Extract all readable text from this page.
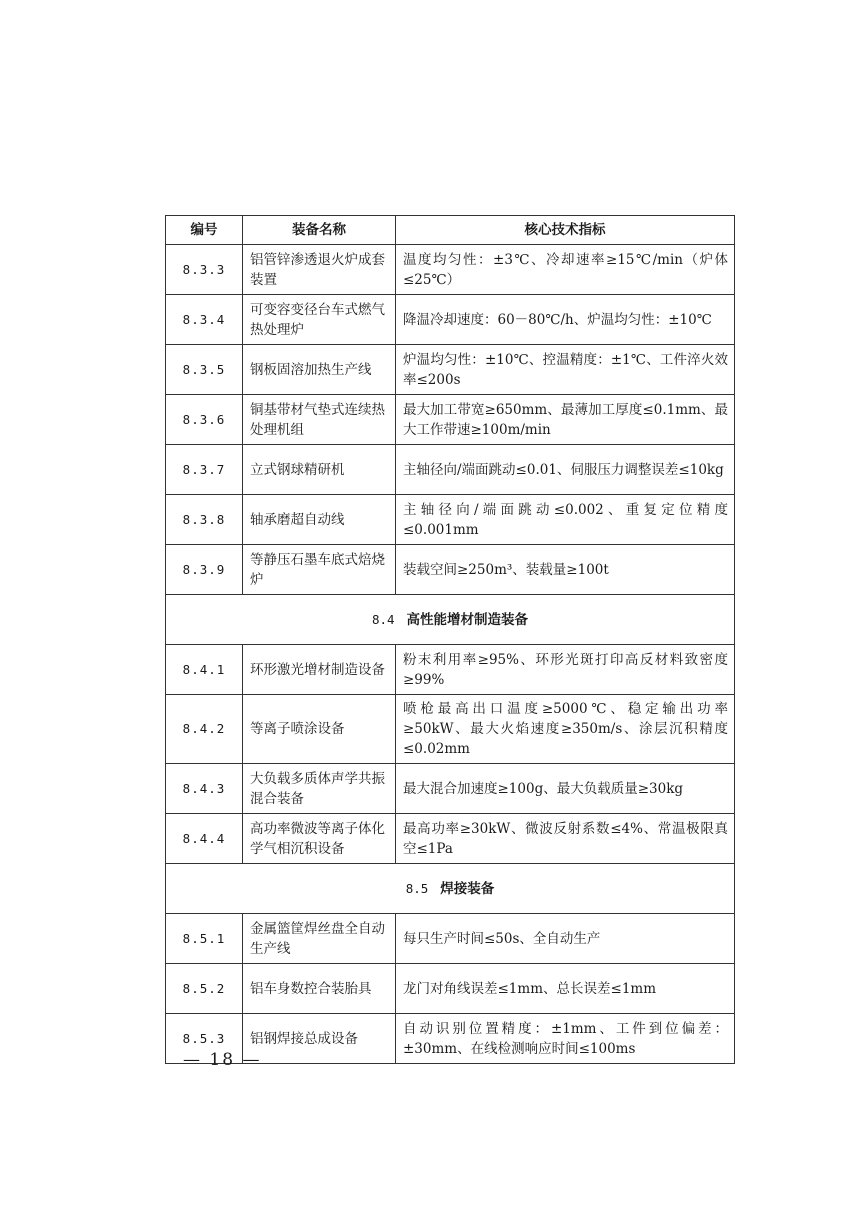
编号	装备名称	核心技术指标
8.3.3	铝管锌渗透退火炉成套装置	温度均匀性：±3℃、冷却速率≥15℃/min（炉体≤25℃）
8.3.4	可变容变径台车式燃气热处理炉	降温冷却速度：60－80℃/h、炉温均匀性：±10℃
8.3.5	钢板固溶加热生产线	炉温均匀性：±10℃、控温精度：±1℃、工件淬火效率≤200s
8.3.6	铜基带材气垫式连续热处理机组	最大加工带宽≥650mm、最薄加工厚度≤0.1mm、最大工作带速≥100m/min
8.3.7	立式钢球精研机	主轴径向/端面跳动≤0.01、伺服压力调整误差≤10kg
8.3.8	轴承磨超自动线	主轴径向/端面跳动≤0.002、重复定位精度≤0.001mm
8.3.9	等静压石墨车底式焙烧炉	装载空间≥250m³、装载量≥100t
8.4 高性能增材制造装备		
8.4.1	环形激光增材制造设备	粉末利用率≥95%、环形光斑打印高反材料致密度≥99%
8.4.2	等离子喷涂设备	喷枪最高出口温度≥5000℃、稳定输出功率≥50kW、最大火焰速度≥350m/s、涂层沉积精度≤0.02mm
8.4.3	大负载多质体声学共振混合装备	最大混合加速度≥100g、最大负载质量≥30kg
8.4.4	高功率微波等离子体化学气相沉积设备	最高功率≥30kW、微波反射系数≤4%、常温极限真空≤1Pa
8.5 焊接装备		
8.5.1	金属篮筐焊丝盘全自动生产线	每只生产时间≤50s、全自动生产
8.5.2	铝车身数控合装胎具	龙门对角线误差≤1mm、总长误差≤1mm
8.5.3	铝钢焊接总成设备	自动识别位置精度：±1mm、工件到位偏差：±30mm、在线检测响应时间≤100ms
— 18 —
